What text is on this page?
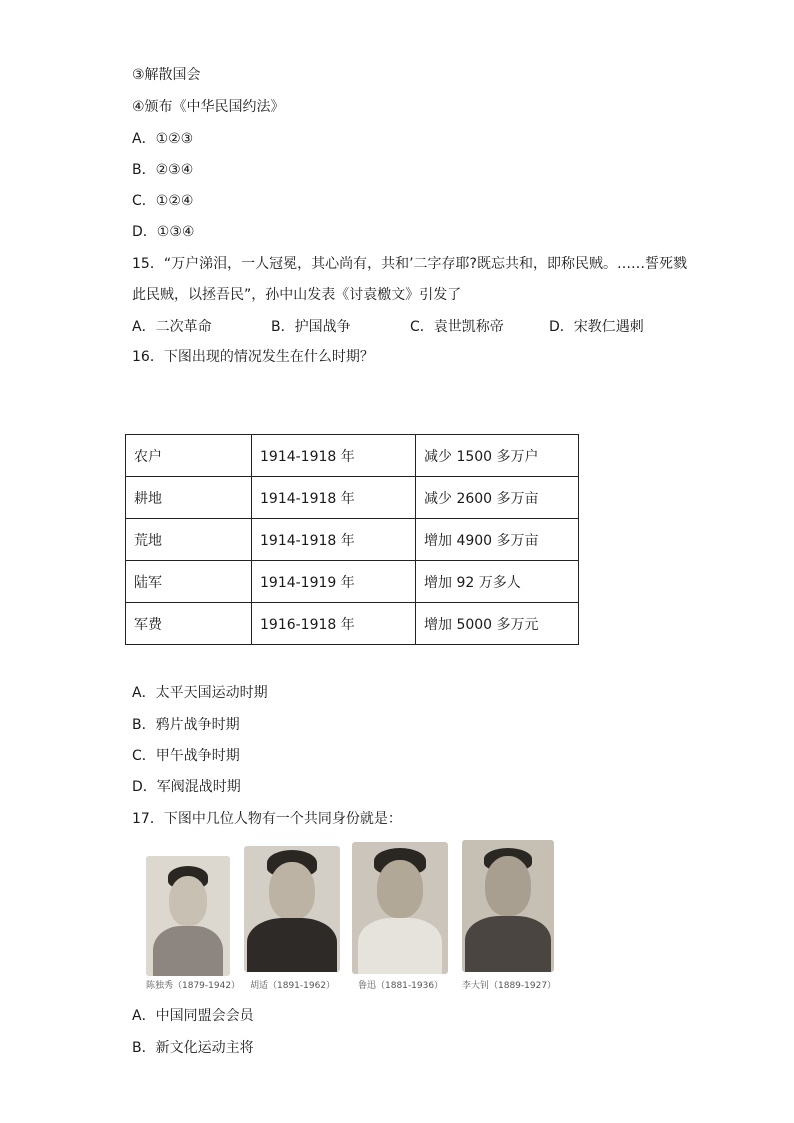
③解散国会
④颁布《中华民国约法》
A．①②③
B．②③④
C．①②④
D．①③④
15．“万户涕泪，一人冠冕，其心尚有，共和’二字存耶?既忘共和，即称民贼。……誓死戮
此民贼，以拯吾民”，孙中山发表《讨袁檄文》引发了
A．二次革命	B．护国战争	C．袁世凯称帝	D．宋教仁遇刺
16．下图出现的情况发生在什么时期？
农户	1914-1918 年	减少 1500 多万户
耕地	1914-1918 年	减少 2600 多万亩
荒地	1914-1918 年	增加 4900 多万亩
陆军	1914-1919 年	增加 92 万多人
军费	1916-1918 年	增加 5000 多万元
A．太平天国运动时期
B．鸦片战争时期
C．甲午战争时期
D．军阀混战时期
17．下图中几位人物有一个共同身份就是：
陈独秀（1879-1942） 胡适（1891-1962）	鲁迅（1881-1936） 李大钊（1889-1927）
A．中国同盟会会员
B．新文化运动主将
